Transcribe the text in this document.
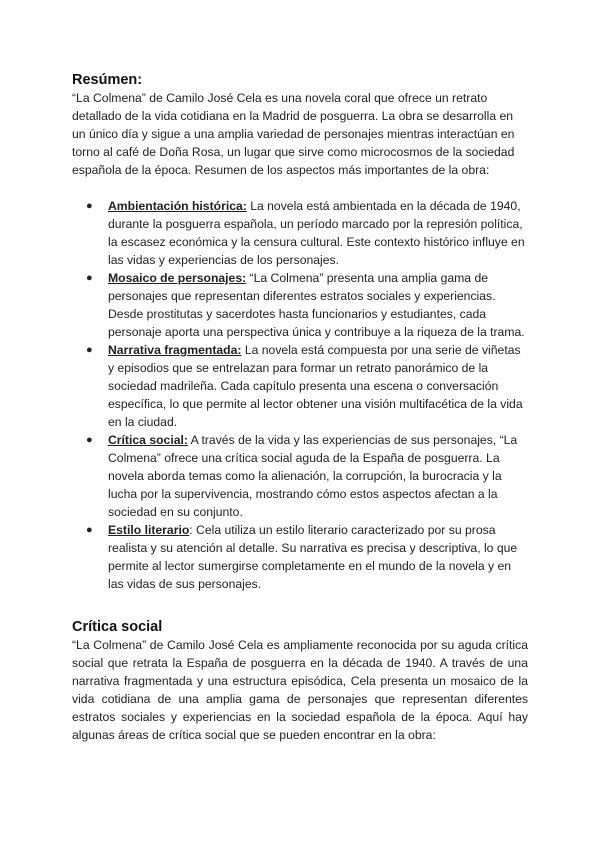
Resúmen:

“La Colmena” de Camilo José Cela es una novela coral que ofrece un retrato detallado de la vida cotidiana en la Madrid de posguerra. La obra se desarrolla en un único día y sigue a una amplia variedad de personajes mientras interactúan en torno al café de Doña Rosa, un lugar que sirve como microcosmos de la sociedad española de la época. Resumen de los aspectos más importantes de la obra:

● Ambientación histórica: La novela está ambientada en la década de 1940, durante la posguerra española, un período marcado por la represión política, la escasez económica y la censura cultural. Este contexto histórico influye en las vidas y experiencias de los personajes.
● Mosaico de personajes: “La Colmena” presenta una amplia gama de personajes que representan diferentes estratos sociales y experiencias. Desde prostitutas y sacerdotes hasta funcionarios y estudiantes, cada personaje aporta una perspectiva única y contribuye a la riqueza de la trama.
● Narrativa fragmentada: La novela está compuesta por una serie de viñetas y episodios que se entrelazan para formar un retrato panorámico de la sociedad madrileña. Cada capítulo presenta una escena o conversación específica, lo que permite al lector obtener una visión multifacética de la vida en la ciudad.
● Crítica social: A través de la vida y las experiencias de sus personajes, “La Colmena” ofrece una crítica social aguda de la España de posguerra. La novela aborda temas como la alienación, la corrupción, la burocracia y la lucha por la supervivencia, mostrando cómo estos aspectos afectan a la sociedad en su conjunto.
● Estilo literario: Cela utiliza un estilo literario caracterizado por su prosa realista y su atención al detalle. Su narrativa es precisa y descriptiva, lo que permite al lector sumergirse completamente en el mundo de la novela y en las vidas de sus personajes.
Crítica social

“La Colmena” de Camilo José Cela es ampliamente reconocida por su aguda crítica social que retrata la España de posguerra en la década de 1940. A través de una narrativa fragmentada y una estructura episódica, Cela presenta un mosaico de la vida cotidiana de una amplia gama de personajes que representan diferentes estratos sociales y experiencias en la sociedad española de la época. Aquí hay algunas áreas de crítica social que se pueden encontrar en la obra:
